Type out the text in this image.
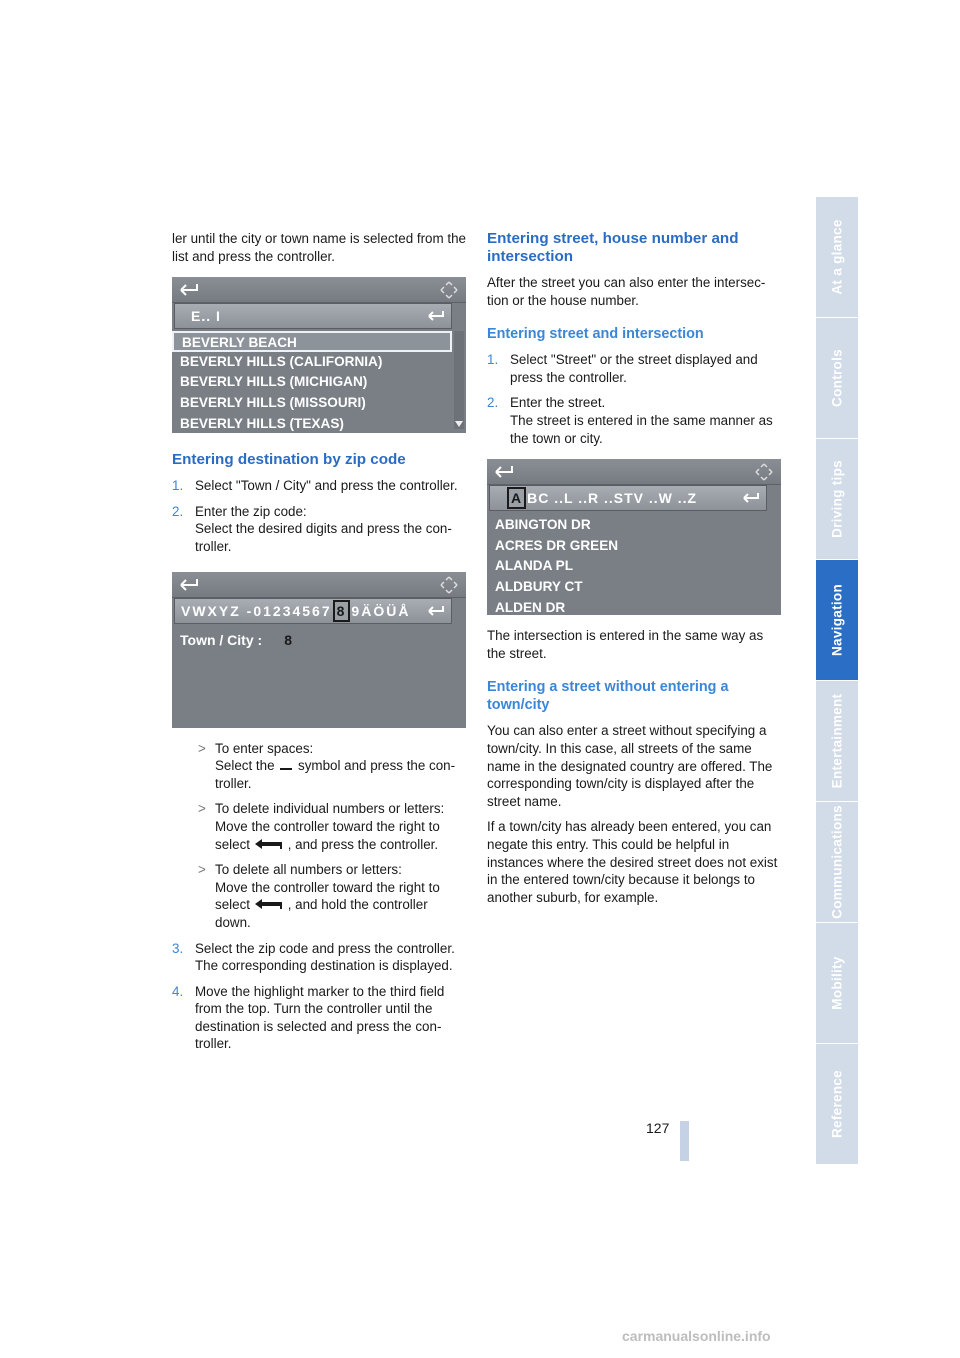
ler until the city or town name is selected from the list and press the controller.

E.. I
BEVERLY BEACH
BEVERLY HILLS (CALIFORNIA)
BEVERLY HILLS (MICHIGAN)
BEVERLY HILLS (MISSOURI)
BEVERLY HILLS (TEXAS)
Entering destination by zip code
1. Select "Town / City" and press the controller.
2. Enter the zip code:
Select the desired digits and press the controller.
VWXYZ -01234567 8 9ÄÖÜÅ
Town / City : 8
> To enter spaces:
Select the symbol and press the controller.
> To delete individual numbers or letters:
Move the controller toward the right to
select	, and press the controller.
> To delete all numbers or letters:
Move the controller toward the right to
select	, and hold the controller down.
3. Select the zip code and press the controller. The corresponding destination is displayed.
4. Move the highlight marker to the third field from the top. Turn the controller until the destination is selected and press the controller.
Entering street, house number and intersection

After the street you can also enter the intersection or the house number.

Entering street and intersection
1. Select "Street" or the street displayed and press the controller.
2. Enter the street.
The street is entered in the same manner as the town or city.
A BC ..L ..R ..STV ..W ..Z
ABINGTON DR
ACRES DR GREEN
ALANDA PL
ALDBURY CT
ALDEN DR

The intersection is entered in the same way as the street.

Entering a street without entering a town/city

You can also enter a street without specifying a town/city. In this case, all streets of the same name in the designated country are offered. The corresponding town/city is displayed after the street name.

If a town/city has already been entered, you can negate this entry. This could be helpful in instances where the desired street does not exist in the entered town/city because it belongs to another suburb, for example.

At a glance
Controls
Driving tips
Navigation
Entertainment
Communications
Mobility
Reference
127
carmanualsonline.info
